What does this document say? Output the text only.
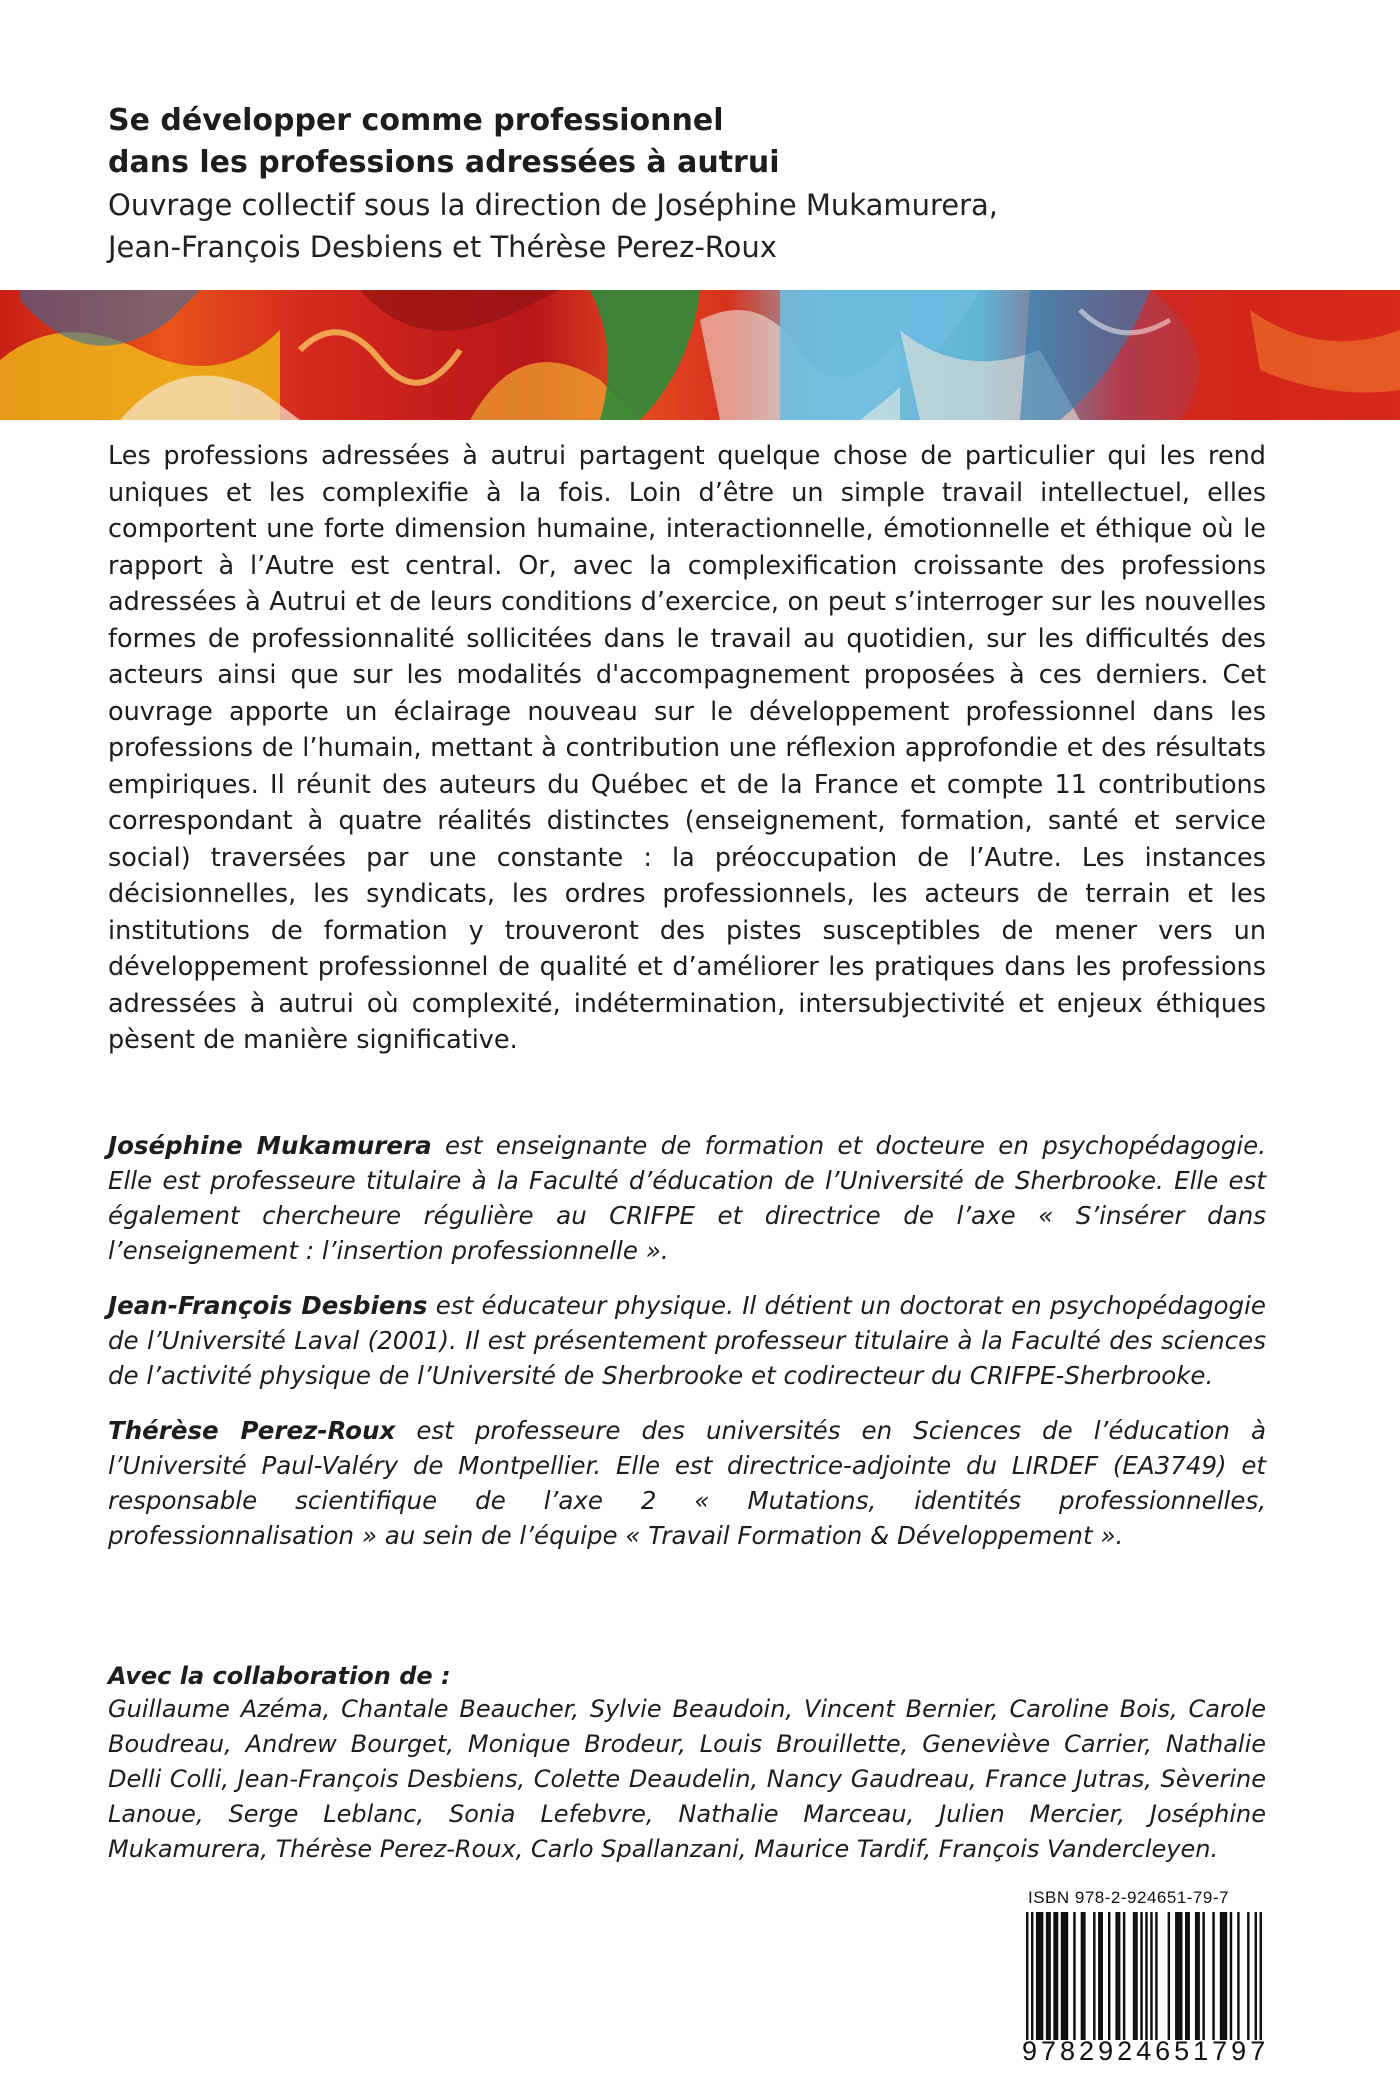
Se développer comme professionnel

dans les professions adressées à autrui

Ouvrage collectif sous la direction de Joséphine Mukamurera,

Jean-François Desbiens et Thérèse Perez-Roux

Les professions adressées à autrui partagent quelque chose de particulier qui les rend uniques et les complexifie à la fois. Loin d’être un simple travail intellectuel, elles comportent une forte dimension humaine, interactionnelle, émotionnelle et éthique où le rapport à l’Autre est central. Or, avec la complexification croissante des professions adressées à Autrui et de leurs conditions d’exercice, on peut s’interroger sur les nouvelles formes de professionnalité sollicitées dans le travail au quotidien, sur les difficultés des acteurs ainsi que sur les modalités d'accompagnement proposées à ces derniers. Cet ouvrage apporte un éclairage nouveau sur le développement professionnel dans les professions de l’humain, mettant à contribution une réflexion approfondie et des résultats empiriques. Il réunit des auteurs du Québec et de la France et compte 11 contributions correspondant à quatre réalités distinctes (enseignement, formation, santé et service social) traversées par une constante : la préoccupation de l’Autre. Les instances décisionnelles, les syndicats, les ordres professionnels, les acteurs de terrain et les institutions de formation y trouveront des pistes susceptibles de mener vers un développement professionnel de qualité et d’améliorer les pratiques dans les professions adressées à autrui où complexité, indétermination, intersubjectivité et enjeux éthiques pèsent de manière significative.

Joséphine Mukamurera est enseignante de formation et docteure en psychopédagogie. Elle est professeure titulaire à la Faculté d’éducation de l’Université de Sherbrooke. Elle est également chercheure régulière au CRIFPE et directrice de l’axe « S’insérer dans l’enseignement : l’insertion professionnelle ».

Jean-François Desbiens est éducateur physique. Il détient un doctorat en psychopédagogie de l’Université Laval (2001). Il est présentement professeur titulaire à la Faculté des sciences de l’activité physique de l’Université de Sherbrooke et codirecteur du CRIFPE-Sherbrooke.

Thérèse Perez-Roux est professeure des universités en Sciences de l’éducation à l’Université Paul-Valéry de Montpellier. Elle est directrice-adjointe du LIRDEF (EA3749) et responsable scientifique de l’axe 2 « Mutations, identités professionnelles, professionnalisation » au sein de l’équipe « Travail Formation & Développement ».

Avec la collaboration de :

Guillaume Azéma, Chantale Beaucher, Sylvie Beaudoin, Vincent Bernier, Caroline Bois, Carole Boudreau, Andrew Bourget, Monique Brodeur, Louis Brouillette, Geneviève Carrier, Nathalie Delli Colli, Jean-François Desbiens, Colette Deaudelin, Nancy Gaudreau, France Jutras, Sèverine Lanoue, Serge Leblanc, Sonia Lefebvre, Nathalie Marceau, Julien Mercier, Joséphine Mukamurera, Thérèse Perez-Roux, Carlo Spallanzani, Maurice Tardif, François Vandercleyen.

ISBN 978-2-924651-79-7

9782924651797
